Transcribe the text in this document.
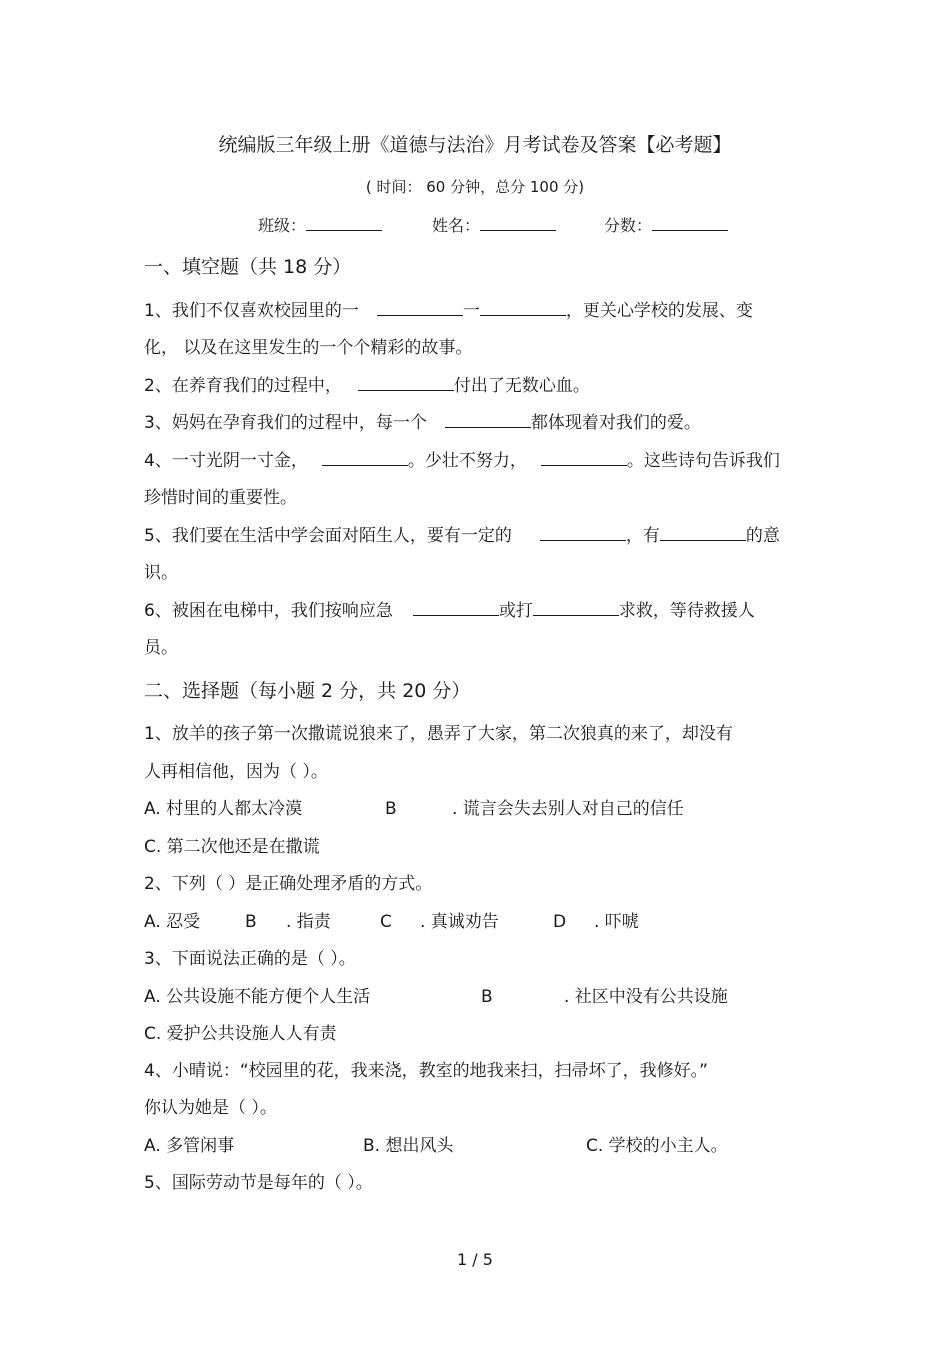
统编版三年级上册《道德与法治》月考试卷及答案【必考题】
( 时间： 60 分钟，总分 100 分)
班级：	姓名：	分数：
一、填空题（共 18 分）
1、我们不仅喜欢校园里的一	一	，更关心学校的发展、变
化， 以及在这里发生的一个个精彩的故事。
2、在养育我们的过程中，	付出了无数心血。
3、妈妈在孕育我们的过程中，每一个	都体现着对我们的爱。
4、一寸光阴一寸金，	。少壮不努力，	。这些诗句告诉我们
珍惜时间的重要性。
5、我们要在生活中学会面对陌生人，要有一定的	，有	的意
识。
6、被困在电梯中，我们按响应急	或打	求救，等待救援人
员。
二、选择题（每小题 2 分，共 20 分）
1、放羊的孩子第一次撒谎说狼来了，愚弄了大家，第二次狼真的来了，却没有
人再相信他，因为（ ）。
A. 村里的人都太冷漠	B	. 谎言会失去别人对自己的信任
C. 第二次他还是在撒谎
2、下列（ ）是正确处理矛盾的方式。
A. 忍受	B . 指责	C . 真诚劝告	D . 吓唬
3、下面说法正确的是（ ）。
A. 公共设施不能方便个人生活	B	. 社区中没有公共设施
C. 爱护公共设施人人有责
4、小晴说：“校园里的花，我来浇，教室的地我来扫，扫帚坏了，我修好。”
你认为她是（ ）。
A. 多管闲事	B. 想出风头	C. 学校的小主人。
5、国际劳动节是每年的（ ）。
1 / 5
